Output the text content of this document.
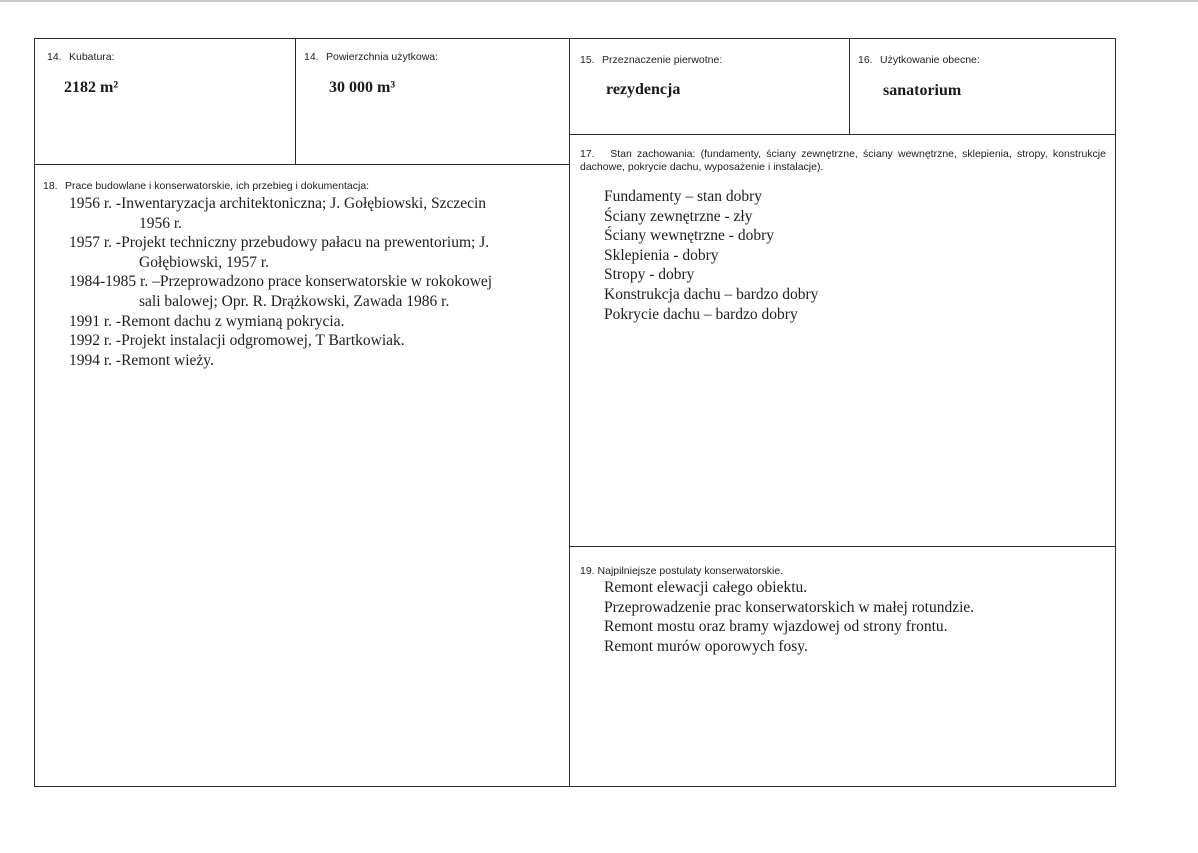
14. Kubatura:
2182 m²
14. Powierzchnia użytkowa:
30 000 m³
15. Przeznaczenie pierwotne:
rezydencja
16. Użytkowanie obecne:
sanatorium
17. Stan zachowania: (fundamenty, ściany zewnętrzne, ściany wewnętrzne, sklepienia, stropy, konstrukcje dachowe, pokrycie dachu, wyposażenie i instalacje).
Fundamenty – stan dobry
Ściany zewnętrzne - zły
Ściany wewnętrzne - dobry
Sklepienia - dobry
Stropy - dobry
Konstrukcja dachu – bardzo dobry
Pokrycie dachu – bardzo dobry
18. Prace budowlane i konserwatorskie, ich przebieg i dokumentacja:
1956 r. - Inwentaryzacja architektoniczna; J. Gołębiowski, Szczecin
1956 r.
1957 r. - Projekt techniczny przebudowy pałacu na prewentorium; J.
Gołębiowski, 1957 r.
1984-1985 r. – Przeprowadzono prace konserwatorskie w rokokowej
sali balowej; Opr. R. Drążkowski, Zawada 1986 r.
1991 r. - Remont dachu z wymianą pokrycia.
1992 r. - Projekt instalacji odgromowej, T Bartkowiak.
1994 r. - Remont wieży.
19. Najpilniejsze postulaty konserwatorskie.
Remont elewacji całego obiektu.
Przeprowadzenie prac konserwatorskich w małej rotundzie.
Remont mostu oraz bramy wjazdowej od strony frontu.
Remont murów oporowych fosy.
